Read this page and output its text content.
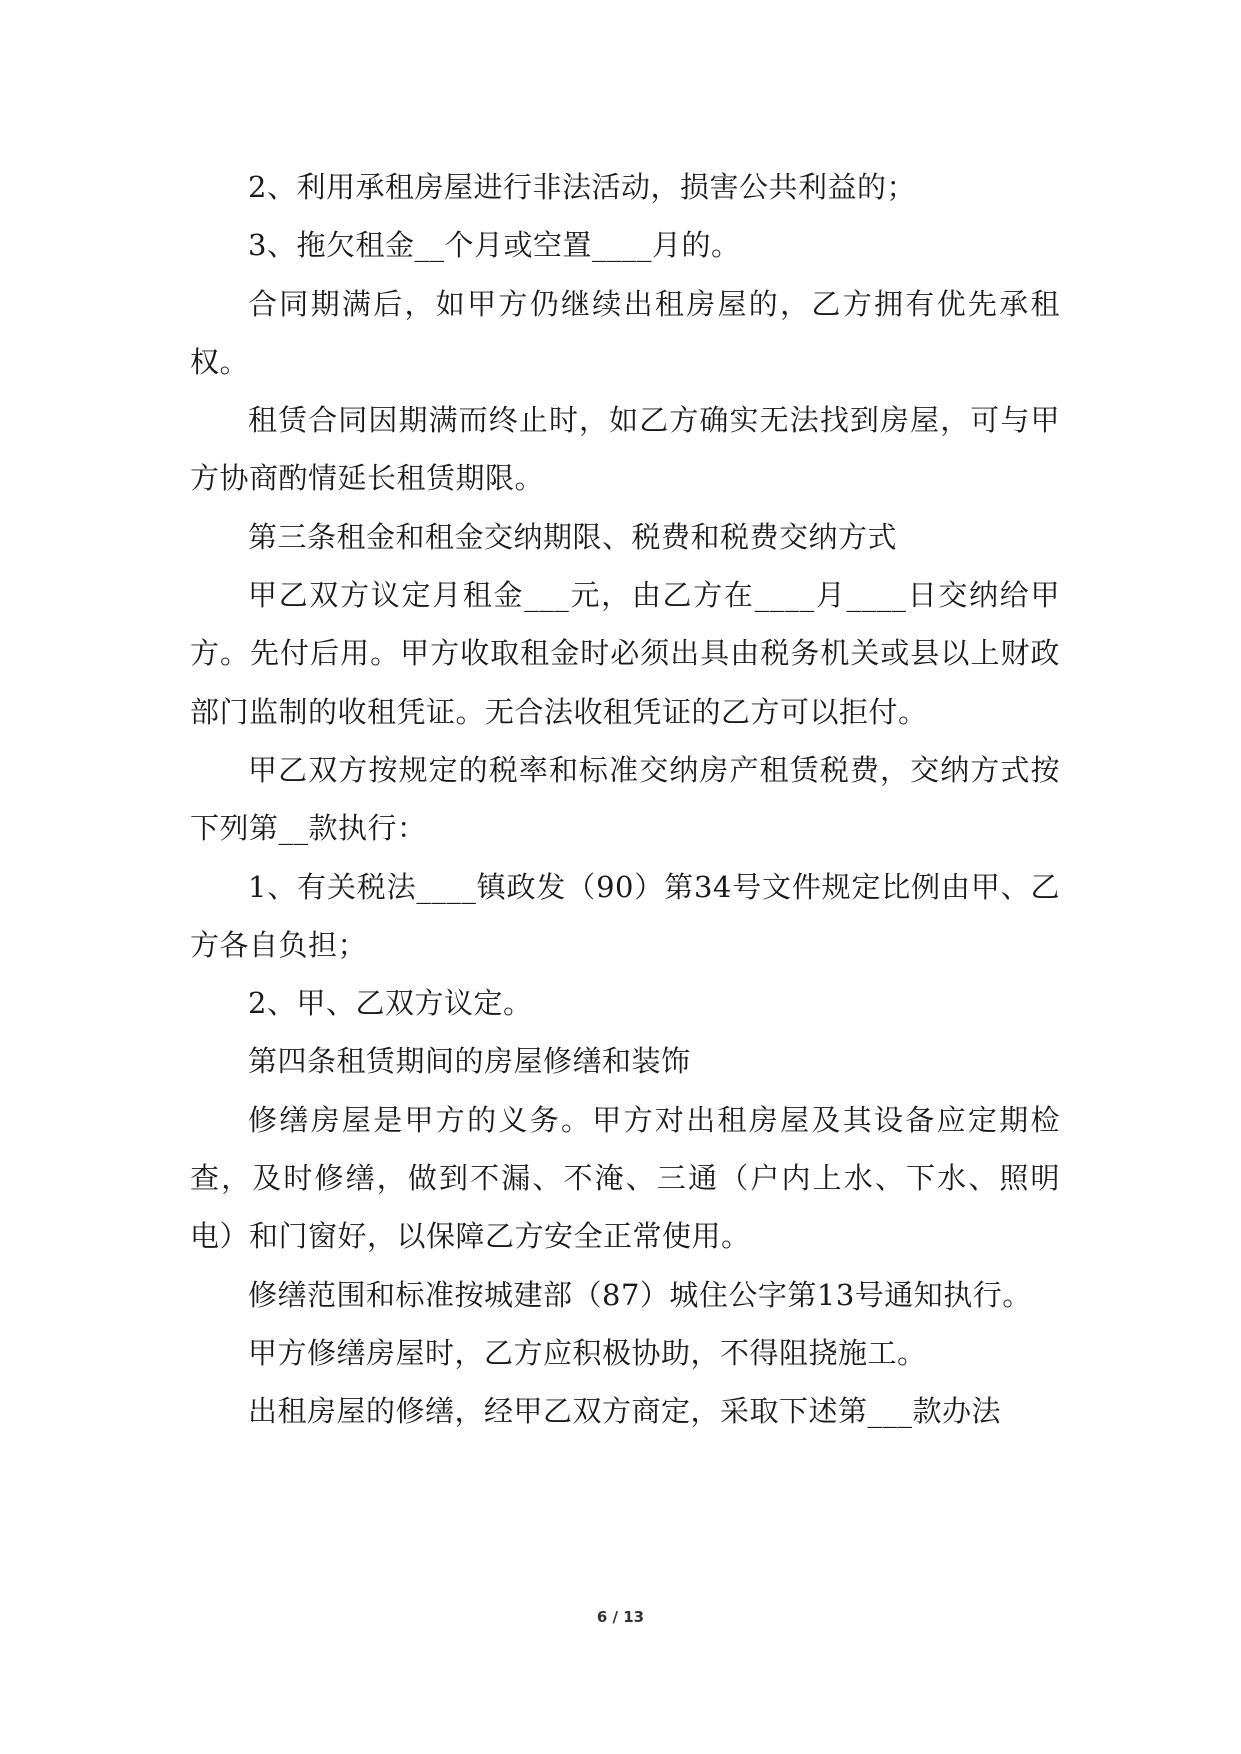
2、利用承租房屋进行非法活动，损害公共利益的；

3、拖欠租金__个月或空置____月的。

合同期满后，如甲方仍继续出租房屋的，乙方拥有优先承租权。

租赁合同因期满而终止时，如乙方确实无法找到房屋，可与甲方协商酌情延长租赁期限。

第三条租金和租金交纳期限、税费和税费交纳方式

甲乙双方议定月租金___元，由乙方在____月____日交纳给甲方。先付后用。甲方收取租金时必须出具由税务机关或县以上财政部门监制的收租凭证。无合法收租凭证的乙方可以拒付。

甲乙双方按规定的税率和标准交纳房产租赁税费，交纳方式按下列第__款执行：

1、有关税法____镇政发（90）第34号文件规定比例由甲、乙方各自负担；

2、甲、乙双方议定。

第四条租赁期间的房屋修缮和装饰

修缮房屋是甲方的义务。甲方对出租房屋及其设备应定期检查，及时修缮，做到不漏、不淹、三通（户内上水、下水、照明电）和门窗好，以保障乙方安全正常使用。

修缮范围和标准按城建部（87）城住公字第13号通知执行。

甲方修缮房屋时，乙方应积极协助，不得阻挠施工。

出租房屋的修缮，经甲乙双方商定，采取下述第___款办法

6 / 13
